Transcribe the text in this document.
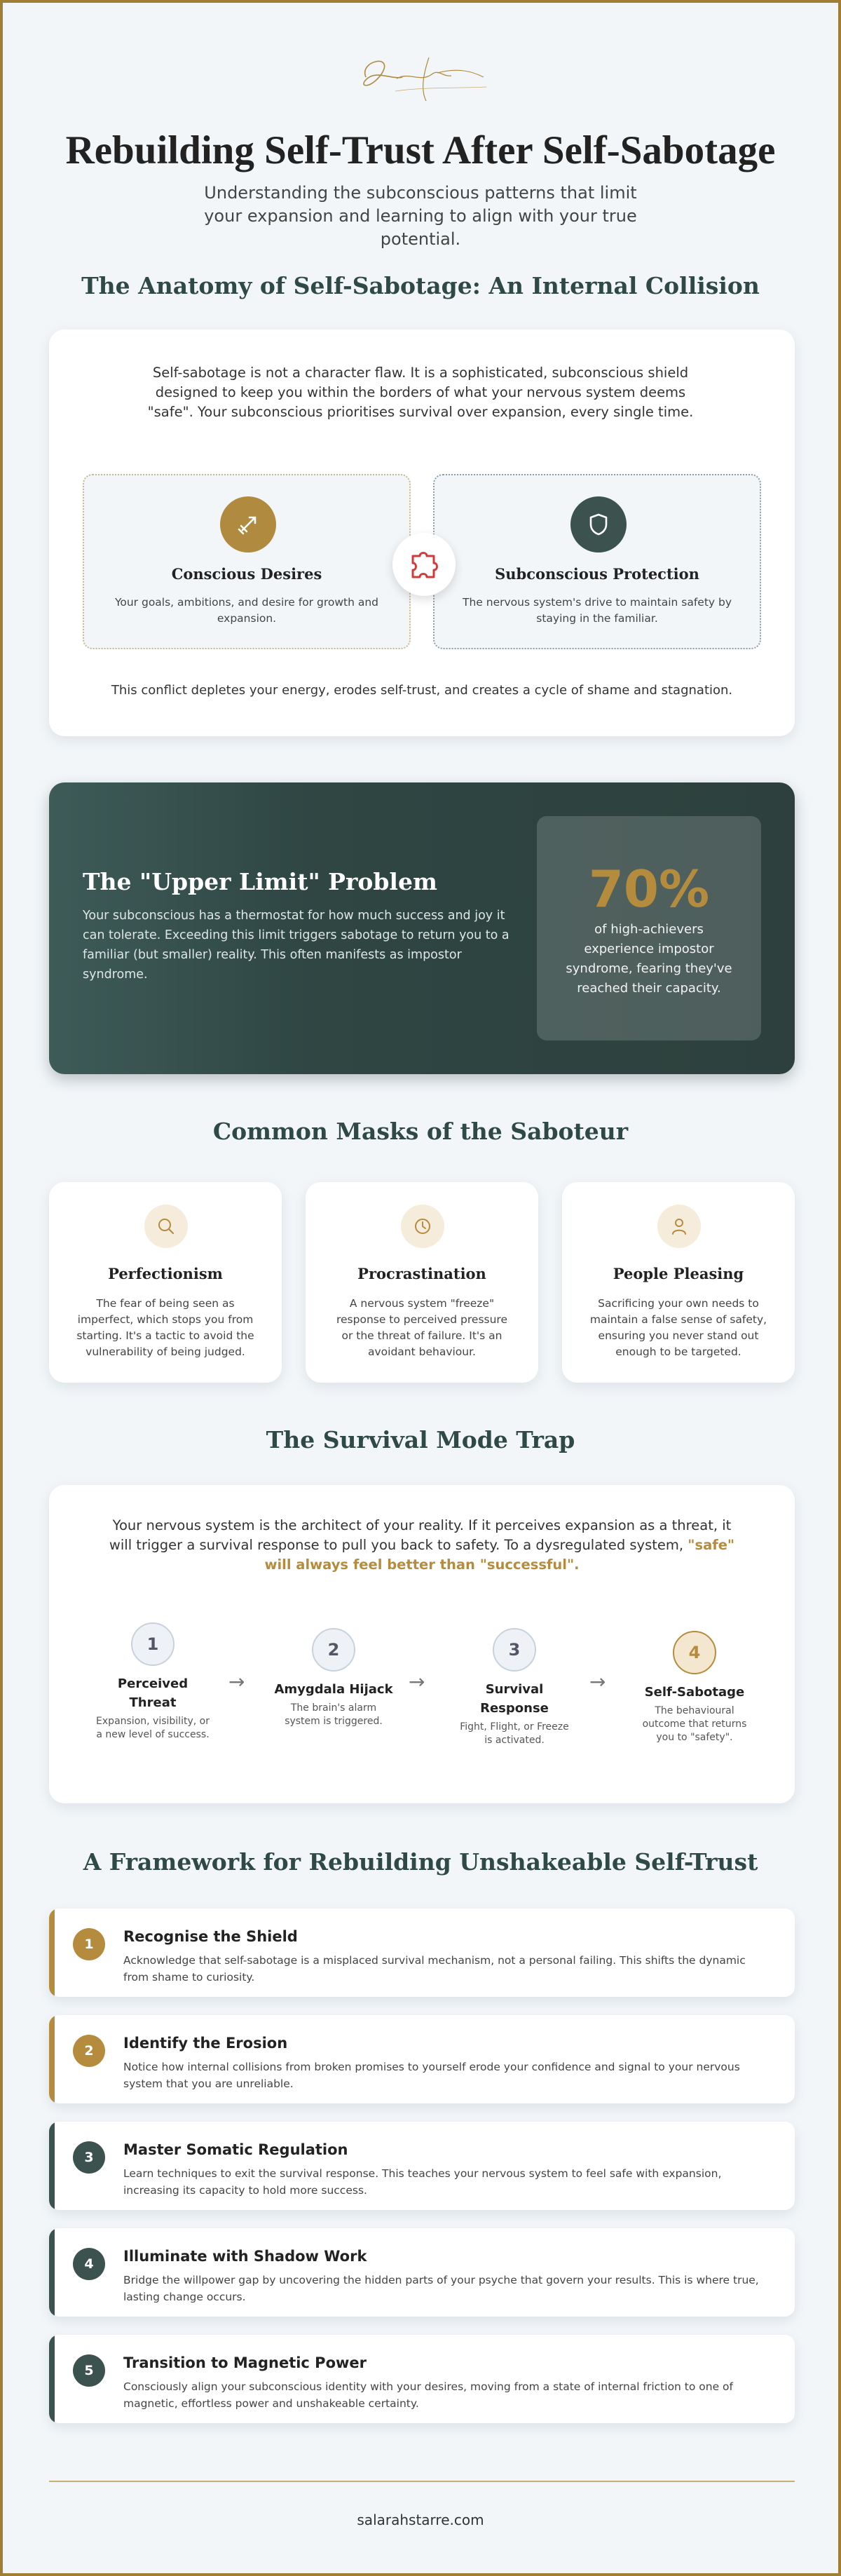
Rebuilding Self-Trust After Self-Sabotage
Understanding the subconscious patterns that limit your expansion and learning to align with your true potential.
The Anatomy of Self-Sabotage: An Internal Collision
Self-sabotage is not a character flaw. It is a sophisticated, subconscious shield designed to keep you within the borders of what your nervous system deems "safe". Your subconscious prioritises survival over expansion, every single time.
Conscious Desires
Your goals, ambitions, and desire for growth and expansion.
Subconscious Protection
The nervous system's drive to maintain safety by staying in the familiar.
This conflict depletes your energy, erodes self-trust, and creates a cycle of shame and stagnation.
The "Upper Limit" Problem
Your subconscious has a thermostat for how much success and joy it can tolerate. Exceeding this limit triggers sabotage to return you to a familiar (but smaller) reality. This often manifests as impostor syndrome.
70%
of high-achievers experience impostor syndrome, fearing they've reached their capacity.
Common Masks of the Saboteur
Perfectionism
The fear of being seen as imperfect, which stops you from starting. It's a tactic to avoid the vulnerability of being judged.
Procrastination
A nervous system "freeze" response to perceived pressure or the threat of failure. It's an avoidant behaviour.
People Pleasing
Sacrificing your own needs to maintain a false sense of safety, ensuring you never stand out enough to be targeted.
The Survival Mode Trap
Your nervous system is the architect of your reality. If it perceives expansion as a threat, it will trigger a survival response to pull you back to safety. To a dysregulated system, "safe" will always feel better than "successful".
1
Perceived Threat
Expansion, visibility, or a new level of success.
→
2
Amygdala Hijack
The brain's alarm system is triggered.
→
3
Survival Response
Fight, Flight, or Freeze is activated.
→
4
Self-Sabotage
The behavioural outcome that returns you to "safety".
A Framework for Rebuilding Unshakeable Self-Trust
1	Recognise the Shield
Acknowledge that self-sabotage is a misplaced survival mechanism, not a personal failing. This shifts the dynamic from shame to curiosity.
2	Identify the Erosion
Notice how internal collisions from broken promises to yourself erode your confidence and signal to your nervous system that you are unreliable.
3	Master Somatic Regulation
Learn techniques to exit the survival response. This teaches your nervous system to feel safe with expansion, increasing its capacity to hold more success.
4	Illuminate with Shadow Work
Bridge the willpower gap by uncovering the hidden parts of your psyche that govern your results. This is where true, lasting change occurs.
5	Transition to Magnetic Power
Consciously align your subconscious identity with your desires, moving from a state of internal friction to one of magnetic, effortless power and unshakeable certainty.
salarahstarre.com
